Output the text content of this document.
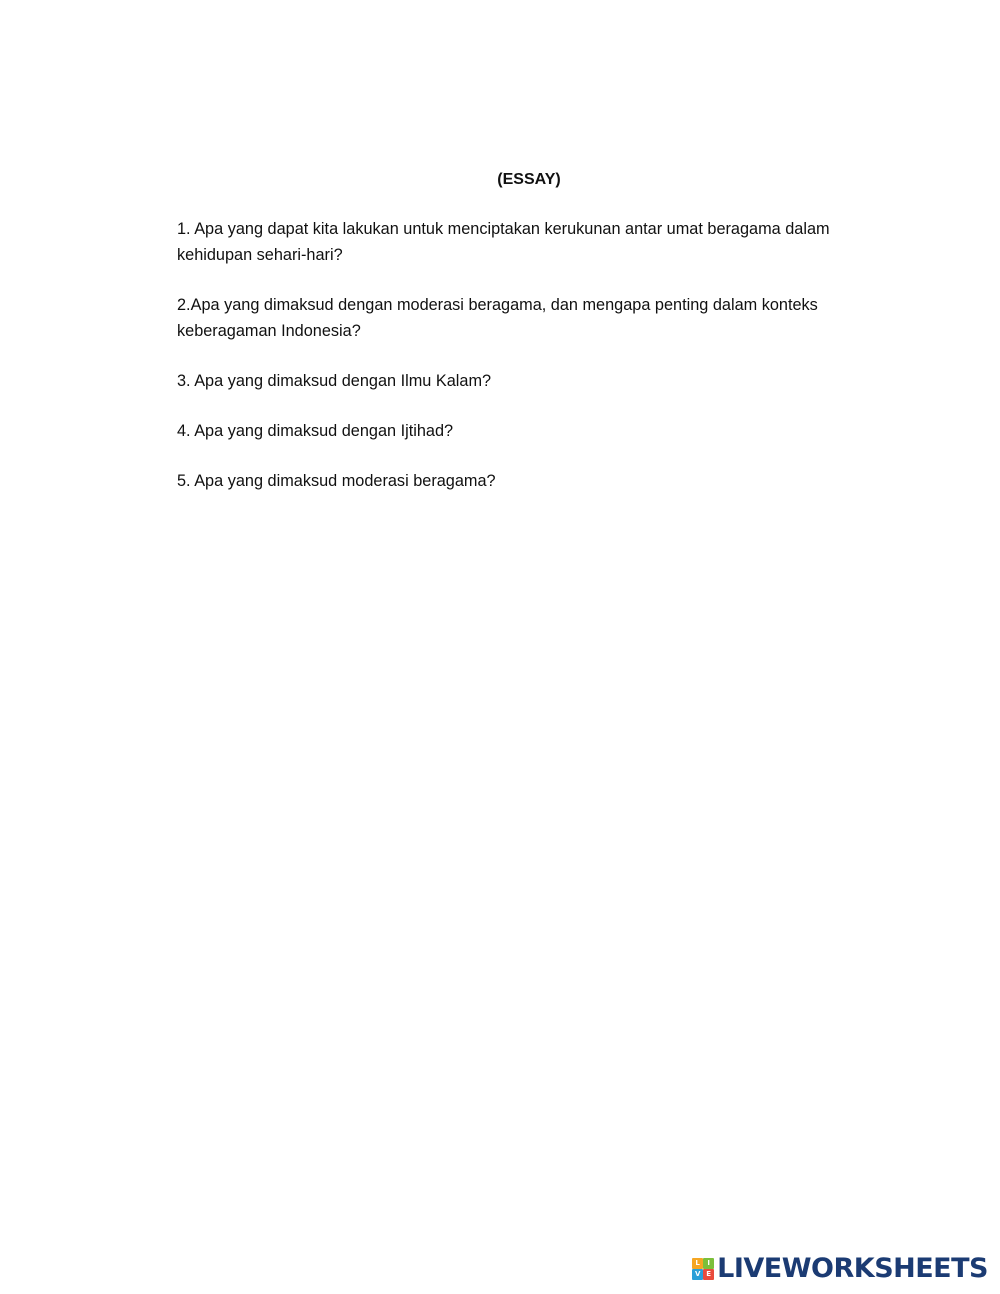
(ESSAY)

1. Apa yang dapat kita lakukan untuk menciptakan kerukunan antar umat beragama dalam kehidupan sehari-hari?

2.Apa yang dimaksud dengan moderasi beragama, dan mengapa penting dalam konteks keberagaman Indonesia?

3. Apa yang dimaksud dengan Ilmu Kalam?

4. Apa yang dimaksud dengan Ijtihad?

5. Apa yang dimaksud moderasi beragama?

L	I
V E LIVEWORKSHEETS
